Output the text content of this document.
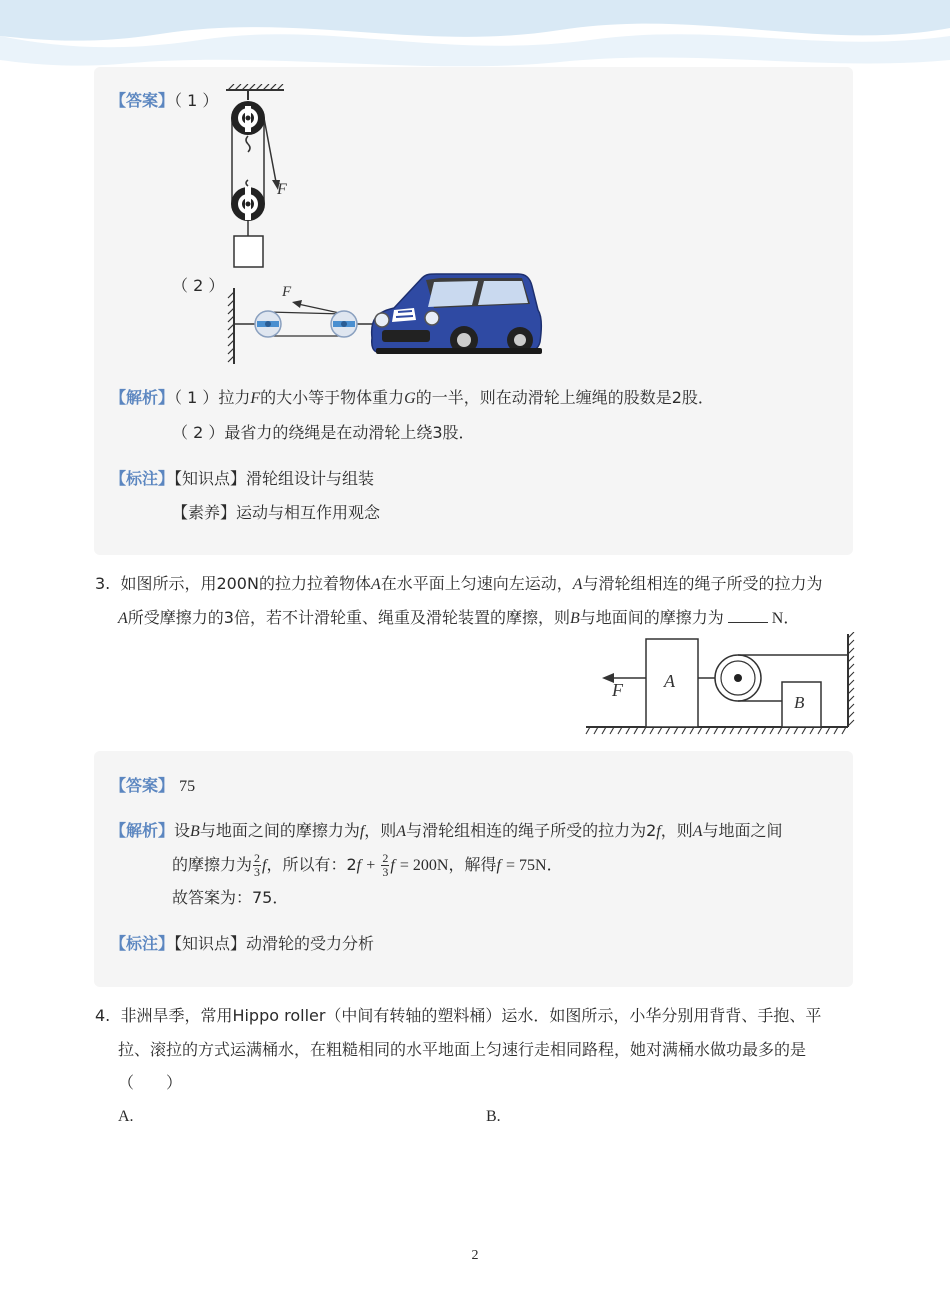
【答案】（ 1 ）
F
（ 2 ）	F
【解析】（ 1 ）拉力F的大小等于物体重力G的一半，则在动滑轮上缠绳的股数是2股．
（ 2 ）最省力的绕绳是在动滑轮上绕3股．
【标注】【知识点】滑轮组设计与组装
【素养】运动与相互作用观念
3. 如图所示，用200N的拉力拉着物体A在水平面上匀速向左运动，A与滑轮组相连的绳子所受的拉力为
A所受摩擦力的3倍，若不计滑轮重、绳重及滑轮装置的摩擦，则B与地面间的摩擦力为	N．
A
F
B
【答案】 75
【解析】设B与地面之间的摩擦力为f，则A与滑轮组相连的绳子所受的拉力为2f，则A与地面之间
的摩擦力为 $\frac{2}{3}$ f，所以有：$2f + \frac{2}{3}$ f = 200N，解得f = 75N．
故答案为：75．
【标注】【知识点】动滑轮的受力分析
4. 非洲旱季，常用Hippo roller（中间有转轴的塑料桶）运水．如图所示，小华分别用背背、手抱、平
拉、滚拉的方式运满桶水，在粗糙相同的水平地面上匀速行走相同路程，她对满桶水做功最多的是
（　　）
A.	B.
2
